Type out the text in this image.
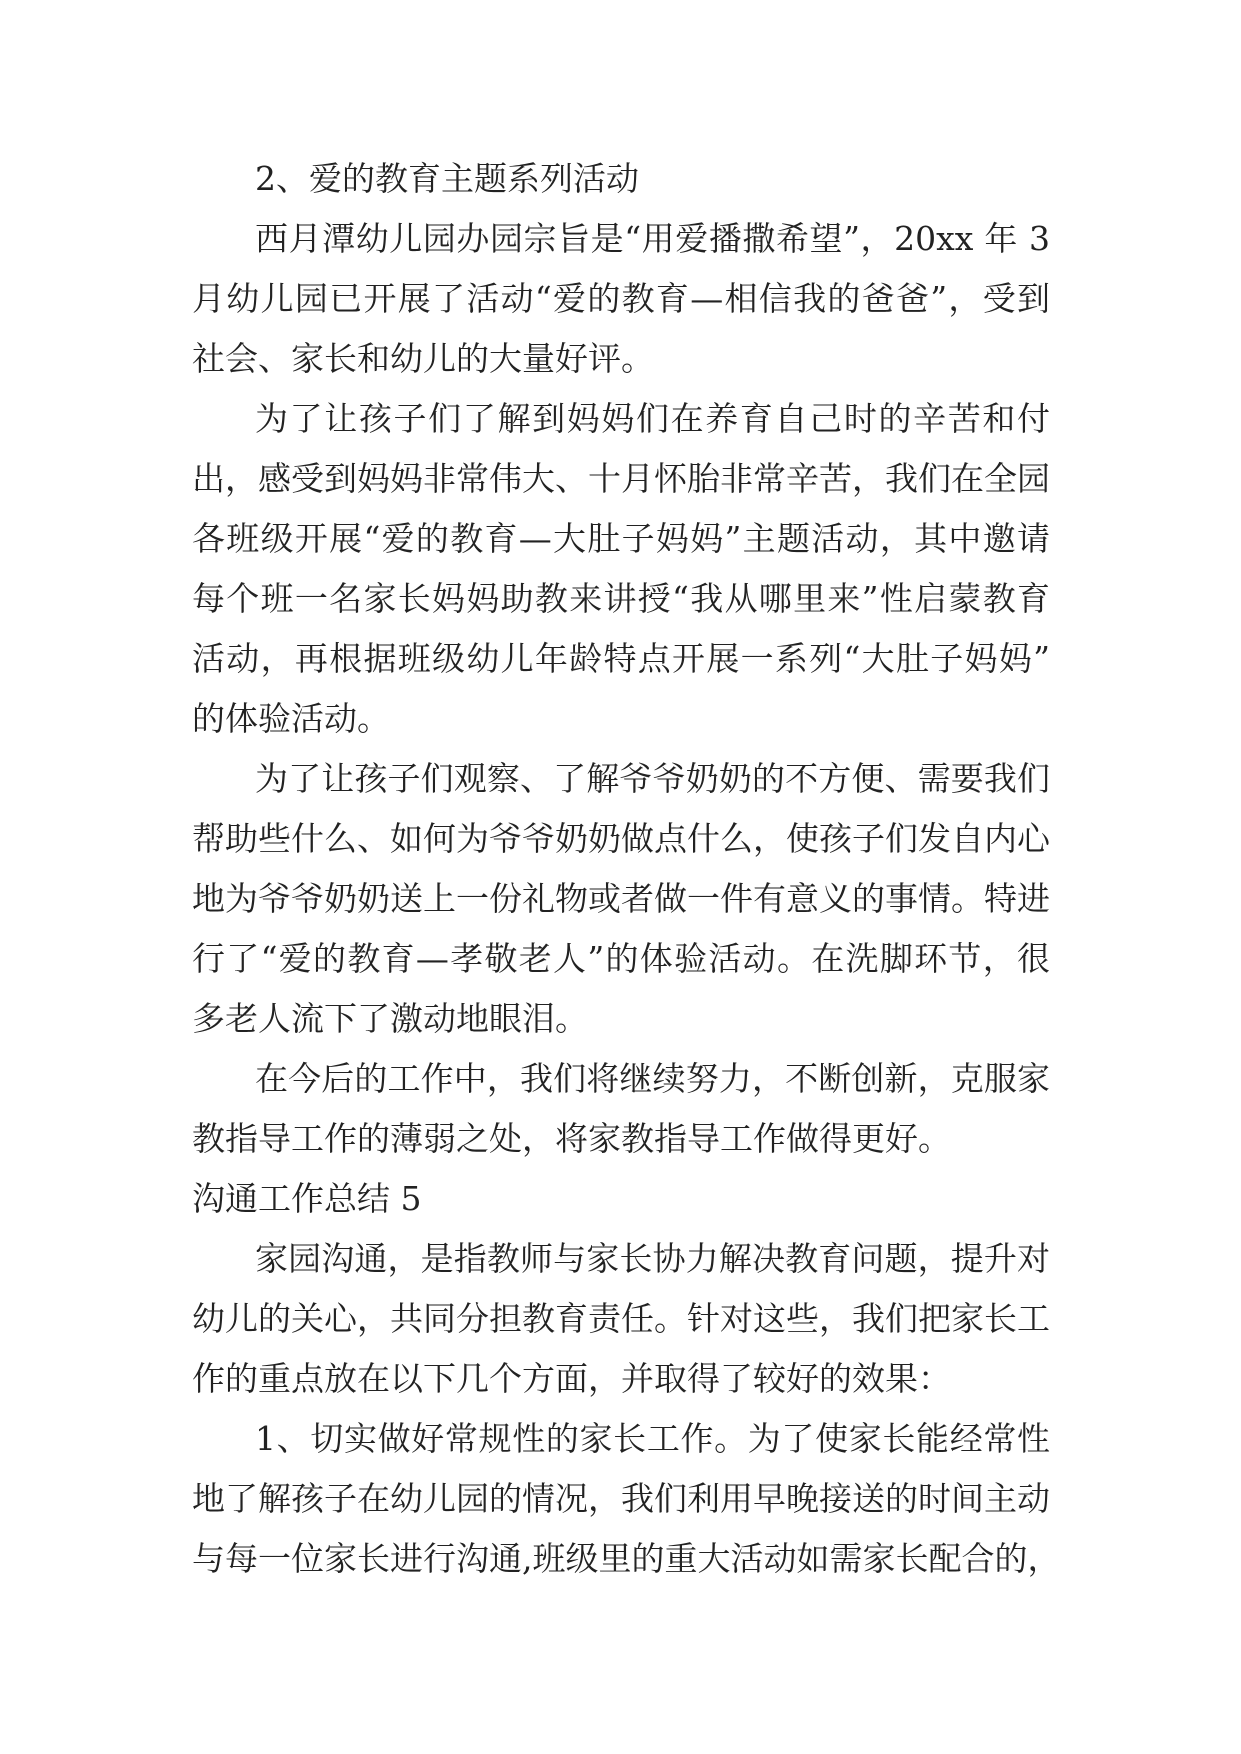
2、爱的教育主题系列活动

西月潭幼儿园办园宗旨是“用爱播撒希望”，20xx 年 3

月幼儿园已开展了活动“爱的教育—相信我的爸爸”，受到

社会、家长和幼儿的大量好评。

为了让孩子们了解到妈妈们在养育自己时的辛苦和付

出，感受到妈妈非常伟大、十月怀胎非常辛苦，我们在全园

各班级开展“爱的教育—大肚子妈妈”主题活动，其中邀请

每个班一名家长妈妈助教来讲授“我从哪里来”性启蒙教育

活动，再根据班级幼儿年龄特点开展一系列“大肚子妈妈”

的体验活动。

为了让孩子们观察、了解爷爷奶奶的不方便、需要我们

帮助些什么、如何为爷爷奶奶做点什么，使孩子们发自内心

地为爷爷奶奶送上一份礼物或者做一件有意义的事情。特进

行了“爱的教育—孝敬老人”的体验活动。在洗脚环节，很

多老人流下了激动地眼泪。

在今后的工作中，我们将继续努力，不断创新，克服家

教指导工作的薄弱之处，将家教指导工作做得更好。

沟通工作总结 5

家园沟通，是指教师与家长协力解决教育问题，提升对

幼儿的关心，共同分担教育责任。针对这些，我们把家长工

作的重点放在以下几个方面，并取得了较好的效果：

1、切实做好常规性的家长工作。为了使家长能经常性

地了解孩子在幼儿园的情况，我们利用早晚接送的时间主动

与每一位家长进行沟通,班级里的重大活动如需家长配合的，
